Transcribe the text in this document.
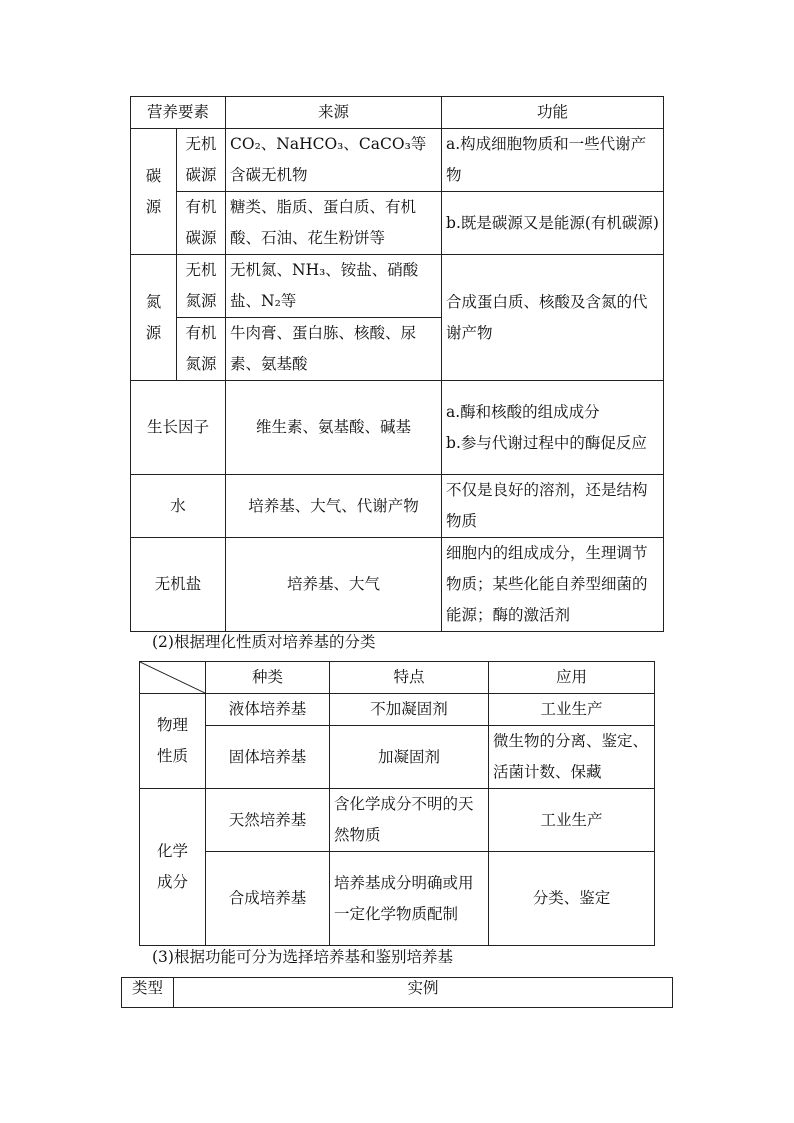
营养要素		来源	功能
碳源	无机碳源	CO₂、NaHCO₃、CaCO₃等含碳无机物	a.构成细胞物质和一些代谢产物
	有机碳源	糖类、脂质、蛋白质、有机酸、石油、花生粉饼等	b.既是碳源又是能源(有机碳源)
氮源	无机氮源	无机氮、NH₃、铵盐、硝酸盐、N₂等	合成蛋白质、核酸及含氮的代谢产物
	有机氮源	牛肉膏、蛋白胨、核酸、尿素、氨基酸	
生长因子		维生素、氨基酸、碱基	a.酶和核酸的组成成分
b.参与代谢过程中的酶促反应

水		培养基、大气、代谢产物	不仅是良好的溶剂，还是结构物质
无机盐		培养基、大气	细胞内的组成成分，生理调节物质；某些化能自养型细菌的能源；酶的激活剂
(2)根据理化性质对培养基的分类
	种类	特点	应用
物理性质	液体培养基	不加凝固剂	工业生产
	固体培养基	加凝固剂	微生物的分离、鉴定、活菌计数、保藏
化学成分	天然培养基	含化学成分不明的天然物质	工业生产
	合成培养基	培养基成分明确或用一定化学物质配制	分类、鉴定
(3)根据功能可分为选择培养基和鉴别培养基
类型	实例
